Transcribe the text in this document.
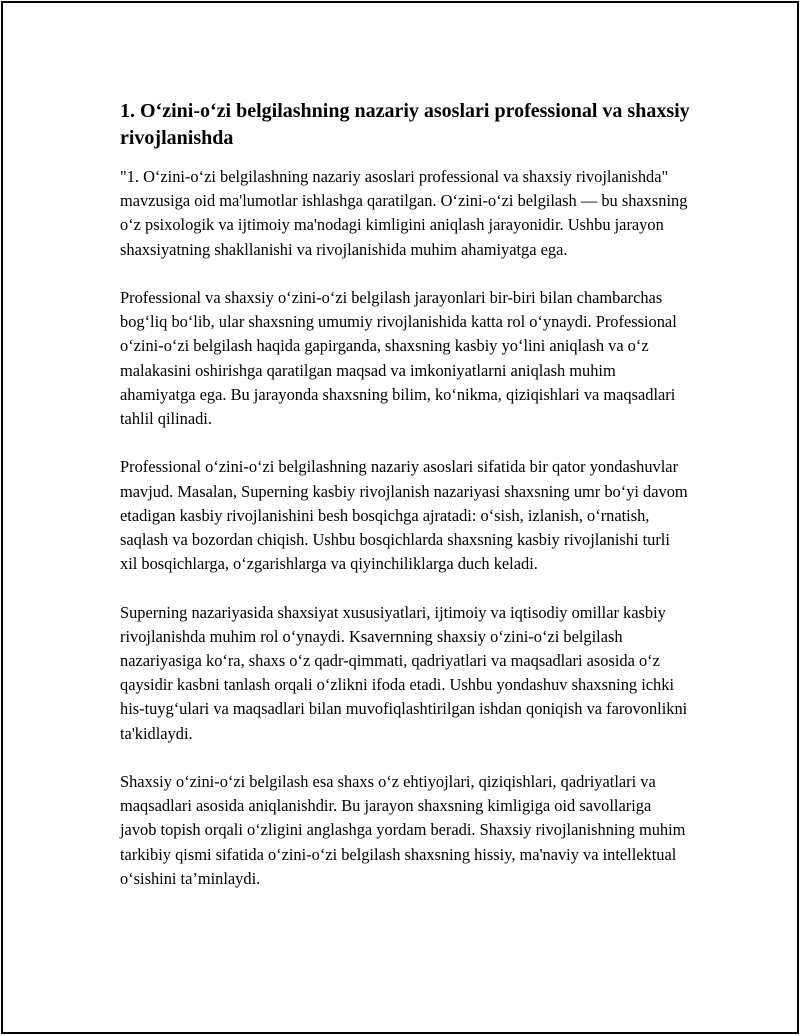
1. O‘zini-o‘zi belgilashning nazariy asoslari professional va shaxsiy rivojlanishda

"1. O‘zini-o‘zi belgilashning nazariy asoslari professional va shaxsiy rivojlanishda" mavzusiga oid ma'lumotlar ishlashga qaratilgan. O‘zini-o‘zi belgilash — bu shaxsning o‘z psixologik va ijtimoiy ma'nodagi kimligini aniqlash jarayonidir. Ushbu jarayon shaxsiyatning shakllanishi va rivojlanishida muhim ahamiyatga ega.

Professional va shaxsiy o‘zini-o‘zi belgilash jarayonlari bir-biri bilan chambarchas bog‘liq bo‘lib, ular shaxsning umumiy rivojlanishida katta rol o‘ynaydi. Professional o‘zini-o‘zi belgilash haqida gapirganda, shaxsning kasbiy yo‘lini aniqlash va o‘z malakasini oshirishga qaratilgan maqsad va imkoniyatlarni aniqlash muhim ahamiyatga ega. Bu jarayonda shaxsning bilim, ko‘nikma, qiziqishlari va maqsadlari tahlil qilinadi.

Professional o‘zini-o‘zi belgilashning nazariy asoslari sifatida bir qator yondashuvlar mavjud. Masalan, Superning kasbiy rivojlanish nazariyasi shaxsning umr bo‘yi davom etadigan kasbiy rivojlanishini besh bosqichga ajratadi: o‘sish, izlanish, o‘rnatish, saqlash va bozordan chiqish. Ushbu bosqichlarda shaxsning kasbiy rivojlanishi turli xil bosqichlarga, o‘zgarishlarga va qiyinchiliklarga duch keladi.

Superning nazariyasida shaxsiyat xususiyatlari, ijtimoiy va iqtisodiy omillar kasbiy rivojlanishda muhim rol o‘ynaydi. Ksavernning shaxsiy o‘zini-o‘zi belgilash nazariyasiga ko‘ra, shaxs o‘z qadr-qimmati, qadriyatlari va maqsadlari asosida o‘z qaysidir kasbni tanlash orqali o‘zlikni ifoda etadi. Ushbu yondashuv shaxsning ichki his-tuyg‘ulari va maqsadlari bilan muvofiqlashtirilgan ishdan qoniqish va farovonlikni ta'kidlaydi.

Shaxsiy o‘zini-o‘zi belgilash esa shaxs o‘z ehtiyojlari, qiziqishlari, qadriyatlari va maqsadlari asosida aniqlanishdir. Bu jarayon shaxsning kimligiga oid savollariga javob topish orqali o‘zligini anglashga yordam beradi. Shaxsiy rivojlanishning muhim tarkibiy qismi sifatida o‘zini-o‘zi belgilash shaxsning hissiy, ma'naviy va intellektual o‘sishini ta’minlaydi.
